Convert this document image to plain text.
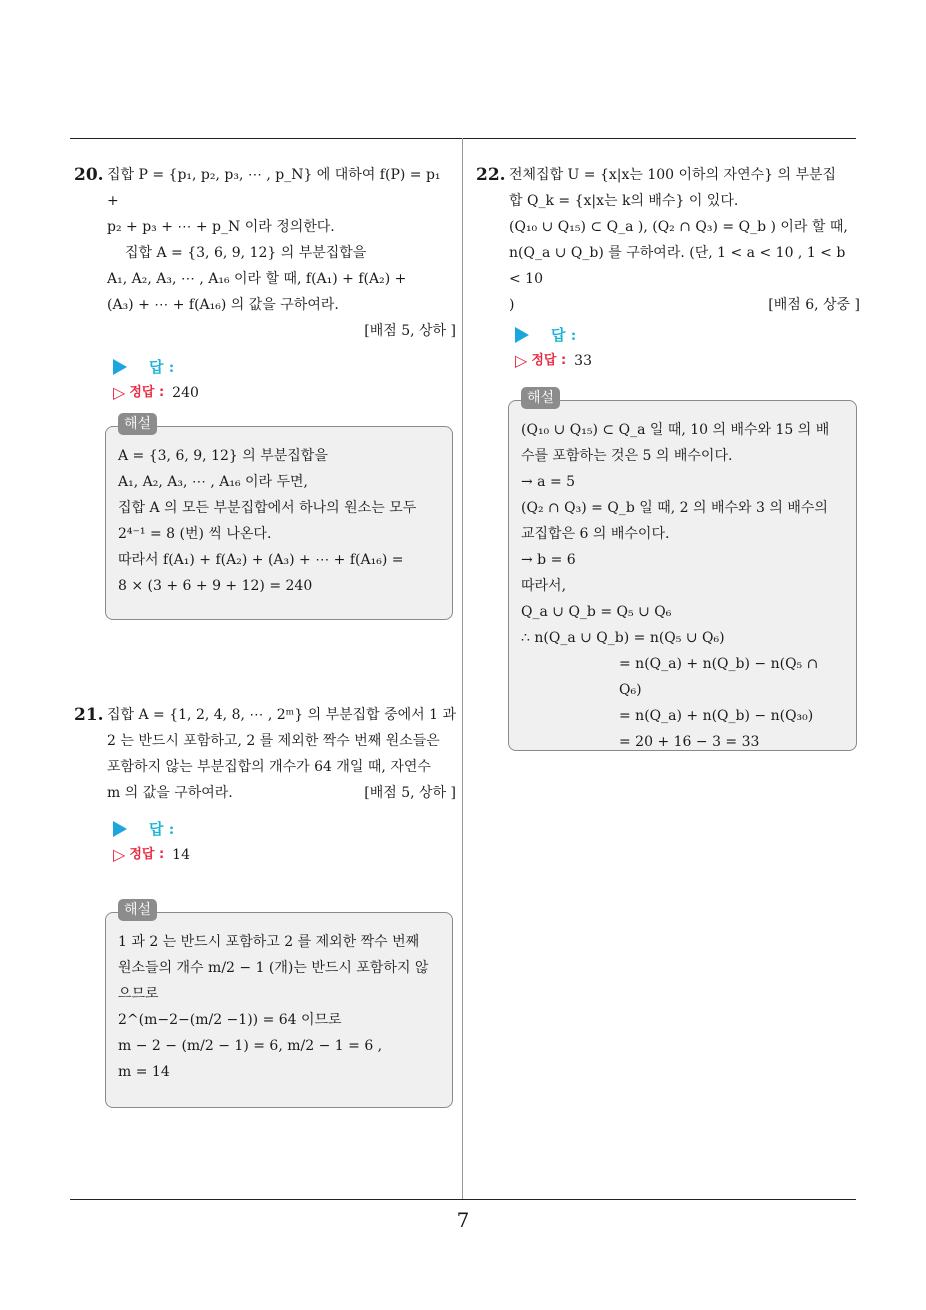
20. 집합 P = {p₁, p₂, p₃, ⋯ , p_N} 에 대하여 f(P) = p₁ +

p₂ + p₃ + ⋯ + p_N 이라 정의한다.

집합 A = {3, 6, 9, 12} 의 부분집합을

A₁, A₂, A₃, ⋯ , A₁₆ 이라 할 때, f(A₁) + f(A₂) +

(A₃) + ⋯ + f(A₁₆) 의 값을 구하여라.

[배점 5, 상하 ]

답 :
▷ 정답 : 240
해설

A = {3, 6, 9, 12} 의 부분집합을

A₁, A₂, A₃, ⋯ , A₁₆ 이라 두면,

집합 A 의 모든 부분집합에서 하나의 원소는 모두

2⁴⁻¹ = 8 (번) 씩 나온다.

따라서 f(A₁) + f(A₂) + (A₃) + ⋯ + f(A₁₆) =

8 × (3 + 6 + 9 + 12) = 240

21. 집합 A = {1, 2, 4, 8, ⋯ , 2ᵐ} 의 부분집합 중에서 1 과

2 는 반드시 포함하고, 2 를 제외한 짝수 번째 원소들은

포함하지 않는 부분집합의 개수가 64 개일 때, 자연수

m 의 값을 구하여라.	[배점 5, 상하 ]

답 :
▷ 정답 : 14
해설

1 과 2 는 반드시 포함하고 2 를 제외한 짝수 번째

원소들의 개수 m/2 − 1 (개)는 반드시 포함하지 않

으므로

2^(m−2−(m/2 −1)) = 64 이므로

m − 2 − (m/2 − 1) = 6, m/2 − 1 = 6 ,

m = 14

22. 전체집합 U = {x|x는 100 이하의 자연수} 의 부분집

합 Q_k = {x|x는 k의 배수} 이 있다.

(Q₁₀ ∪ Q₁₅) ⊂ Q_a ), (Q₂ ∩ Q₃) = Q_b ) 이라 할 때,

n(Q_a ∪ Q_b) 를 구하여라. (단, 1 < a < 10 , 1 < b < 10

)	[배점 6, 상중 ]

답 :
▷ 정답 : 33
해설

(Q₁₀ ∪ Q₁₅) ⊂ Q_a 일 때, 10 의 배수와 15 의 배

수를 포함하는 것은 5 의 배수이다.

→ a = 5

(Q₂ ∩ Q₃) = Q_b 일 때, 2 의 배수와 3 의 배수의

교집합은 6 의 배수이다.

→ b = 6

따라서,

Q_a ∪ Q_b = Q₅ ∪ Q₆

∴ n(Q_a ∪ Q_b) = n(Q₅ ∪ Q₆)

= n(Q_a) + n(Q_b) − n(Q₅ ∩ Q₆)

= n(Q_a) + n(Q_b) − n(Q₃₀)

= 20 + 16 − 3 = 33

7
